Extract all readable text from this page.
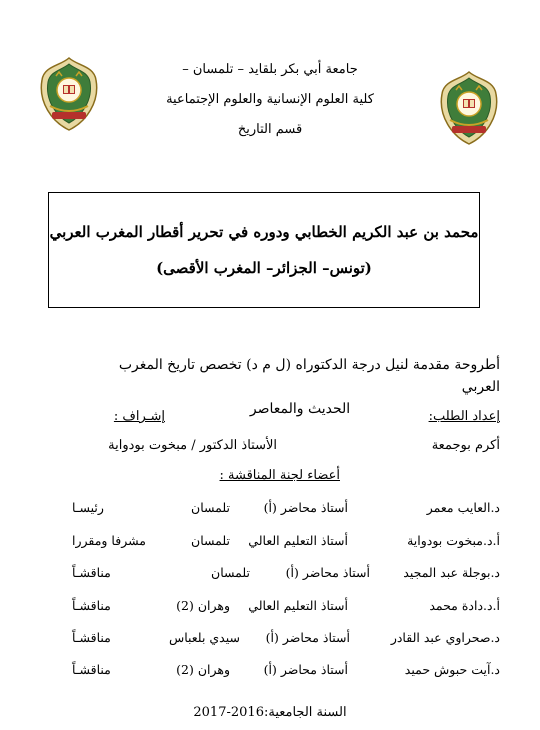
جامعة أبي بكر بلقايد – تلمسان –
كلية العلوم الإنسانية والعلوم الإجتماعية
قسم التاريخ
محمد بن عبد الكريم الخطابي ودوره في تحرير أقطار المغرب العربي
(تونس– الجزائر– المغرب الأقصى)
أطروحة مقدمة لنيل درجة الدكتوراه (ل م د) تخصص تاريخ المغرب العربي
الحديث والمعاصر	إعداد الطلب:
أكرم بوجمعة
إشـراف :
الأستاذ الدكتور / مبخوت بودواية
أعضاء لجنة المناقشة :
د.العايب معمر
أستاذ محاضر (أ)
تلمسان
رئيسـا
أ.د.مبخوت بودواية
أستاذ التعليم العالي
تلمسان
مشرفا ومقررا
د.بوجلة عبد المجيد
أستاذ محاضر (أ)
تلمسان
مناقشـاً
أ.د.دادة محمد
أستاذ التعليم العالي
وهران (2)
مناقشـاً
د.صحراوي عبد القادر
أستاذ محاضر (أ)
سيدي بلعباس
مناقشـاً
د.آيت حبوش حميد
أستاذ محاضر (أ)
وهران (2)
مناقشـاً
السنة الجامعية:2016-2017
